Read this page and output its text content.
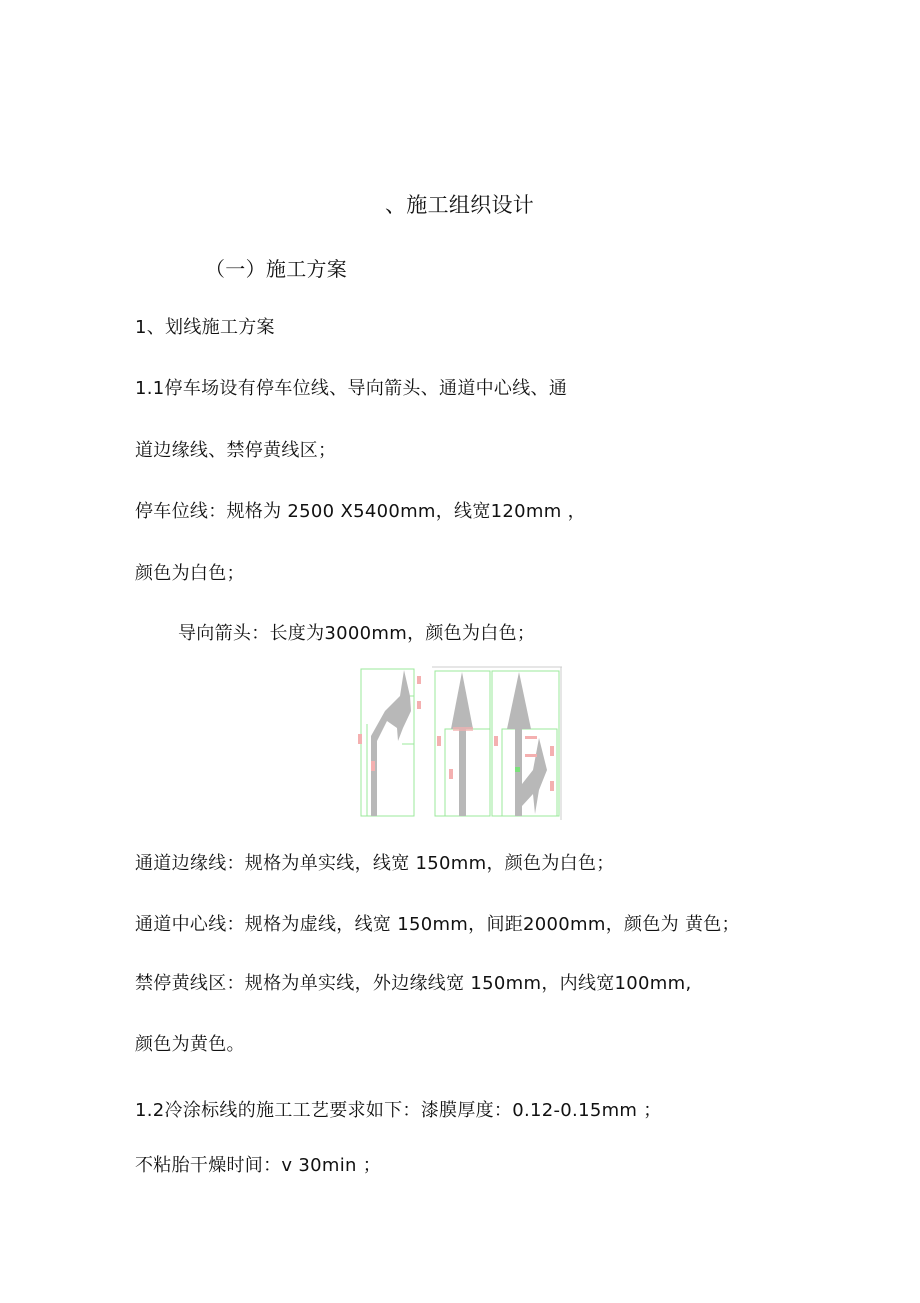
、施工组织设计
（一）施工方案
1、划线施工方案
1.1停车场设有停车位线、导向箭头、通道中心线、通
道边缘线、禁停黄线区；
停车位线：规格为 2500 X5400mm，线宽120mm ，
颜色为白色；
导向箭头：长度为3000mm，颜色为白色；
通道边缘线：规格为单实线，线宽 150mm，颜色为白色；
通道中心线：规格为虚线，线宽 150mm，间距2000mm，颜色为 黄色；
禁停黄线区：规格为单实线，外边缘线宽 150mm，内线宽100mm,
颜色为黄色。
1.2冷涂标线的施工工艺要求如下：漆膜厚度：0.12-0.15mm ；
不粘胎干燥时间：v 30min ；
